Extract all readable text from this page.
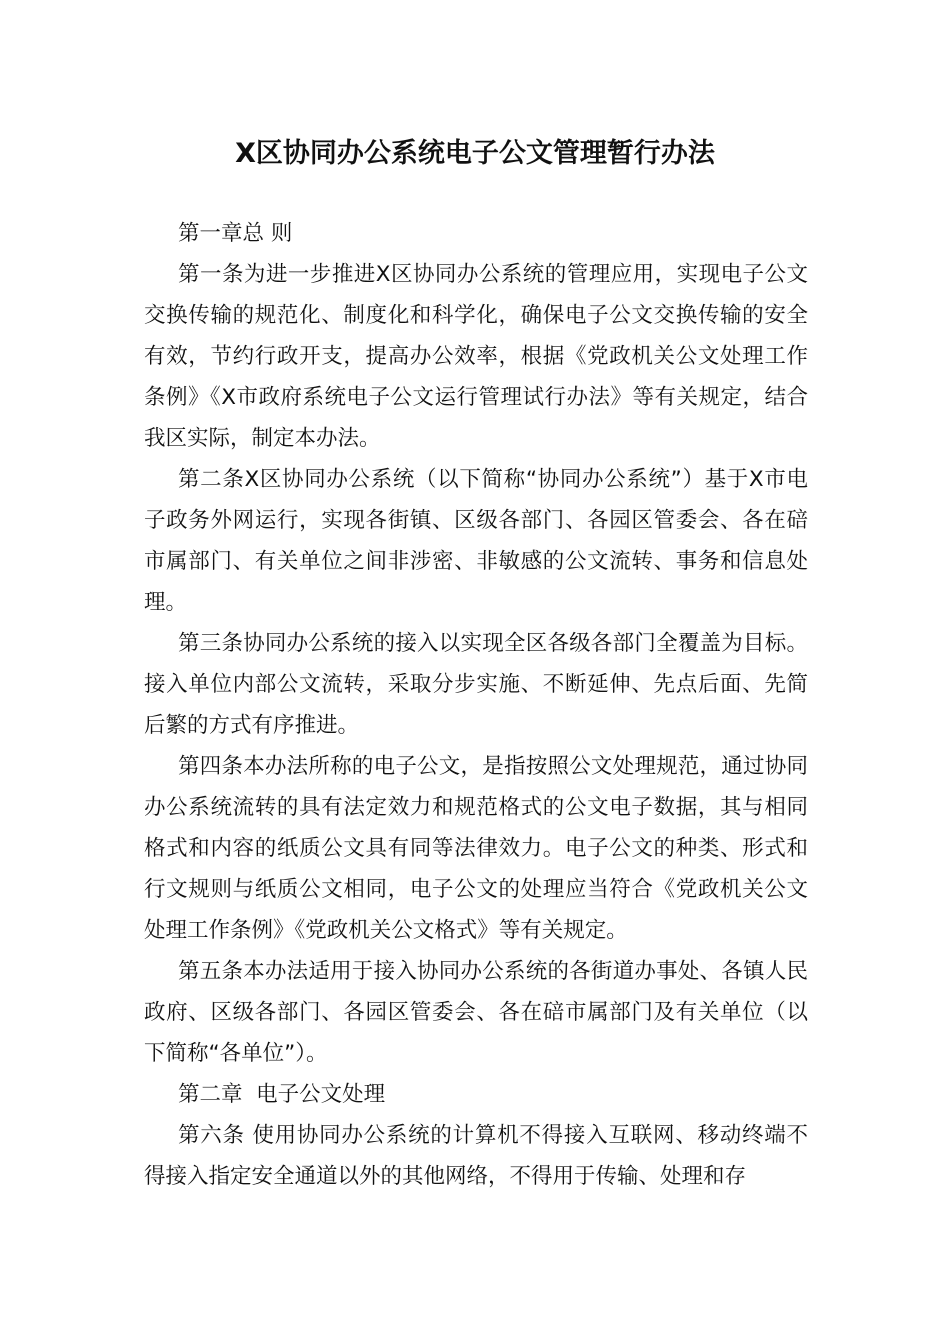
X区协同办公系统电子公文管理暂行办法

第一章总 则

第一条为进一步推进X区协同办公系统的管理应用，实现电子公文交换传输的规范化、制度化和科学化，确保电子公文交换传输的安全有效，节约行政开支，提高办公效率，根据《党政机关公文处理工作条例》《X市政府系统电子公文运行管理试行办法》等有关规定，结合我区实际，制定本办法。

第二条X区协同办公系统（以下简称“协同办公系统”）基于X市电子政务外网运行，实现各街镇、区级各部门、各园区管委会、各在碚市属部门、有关单位之间非涉密、非敏感的公文流转、事务和信息处理。

第三条协同办公系统的接入以实现全区各级各部门全覆盖为目标。接入单位内部公文流转，采取分步实施、不断延伸、先点后面、先简后繁的方式有序推进。

第四条本办法所称的电子公文，是指按照公文处理规范，通过协同办公系统流转的具有法定效力和规范格式的公文电子数据，其与相同格式和内容的纸质公文具有同等法律效力。电子公文的种类、形式和行文规则与纸质公文相同，电子公文的处理应当符合《党政机关公文处理工作条例》《党政机关公文格式》等有关规定。

第五条本办法适用于接入协同办公系统的各街道办事处、各镇人民政府、区级各部门、各园区管委会、各在碚市属部门及有关单位（以下简称“各单位”）。

第二章  电子公文处理

第六条 使用协同办公系统的计算机不得接入互联网、移动终端不得接入指定安全通道以外的其他网络，不得用于传输、处理和存
